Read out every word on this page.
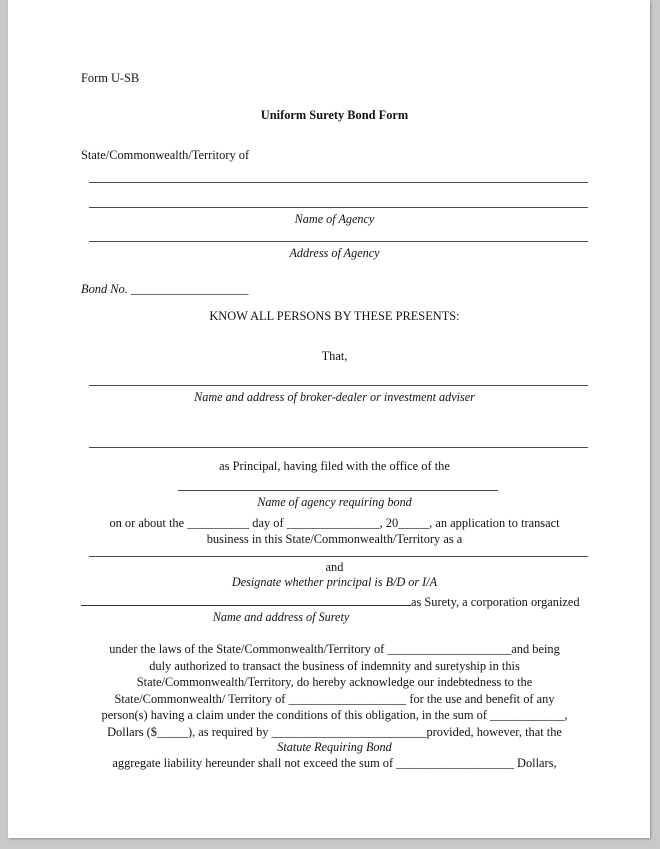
Form U-SB
Uniform Surety Bond Form
State/Commonwealth/Territory of
Name of Agency
Address of Agency
Bond No. ___________________
KNOW ALL PERSONS BY THESE PRESENTS:
That,
Name and address of broker-dealer or investment adviser
as Principal, having filed with the office of the
Name of agency requiring bond
on or about the __________ day of _______________, 20_____, an application to transact
business in this State/Commonwealth/Territory as a
and
Designate whether principal is B/D or I/A
as Surety, a corporation organized
Name and address of Surety
under the laws of the State/Commonwealth/Territory of ____________________and being
duly authorized to transact the business of indemnity and suretyship in this
State/Commonwealth/Territory, do hereby acknowledge our indebtedness to the
State/Commonwealth/ Territory of ___________________ for the use and benefit of any
person(s) having a claim under the conditions of this obligation, in the sum of ____________,
Dollars ($_____), as required by _________________________provided, however, that the
Statute Requiring Bond
aggregate liability hereunder shall not exceed the sum of ___________________ Dollars,
